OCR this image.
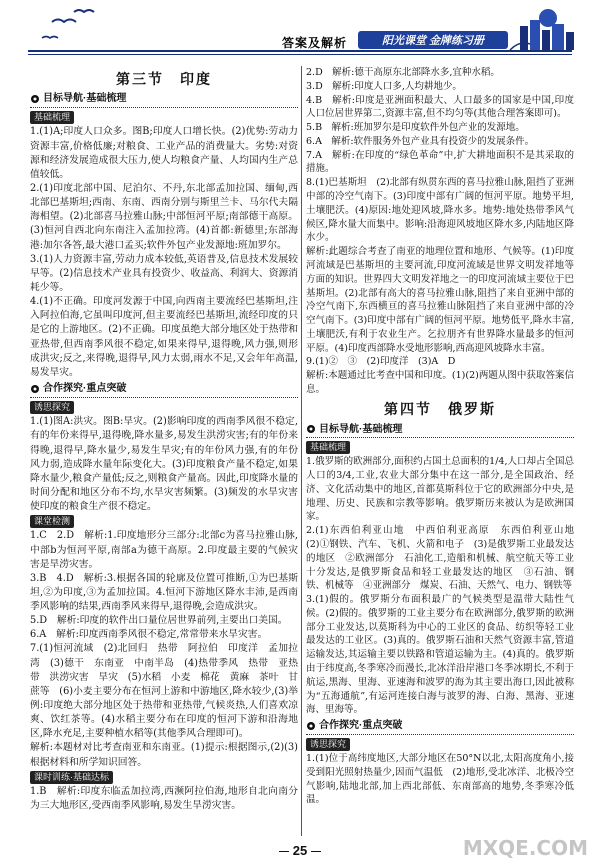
答案及解析	阳光课堂 金牌练习册
第三节　印度
目标导航·基础梳理
基础梳理

1.(1)A;印度人口众多。图B;印度人口增长快。(2)优势:劳动力资源丰富,价格低廉;对粮食、工业产品的消费量大。劣势:对资源和经济发展造成很大压力,使人均粮食产量、人均国内生产总值较低。

2.(1)印度北部中国、尼泊尔、不丹,东北部孟加拉国、缅甸,西北部巴基斯坦;西南、东南、西南分别与斯里兰卡、马尔代夫隔海相望。(2)北部喜马拉雅山脉;中部恒河平原;南部德干高原。(3)恒河自西北向东南注入孟加拉湾。(4)首都:新德里;东部海港:加尔各答,最大港口孟买;软件外包产业发源地:班加罗尔。

3.(1)人力资源丰富,劳动力成本较低,英语普及,信息技术发展较早等。(2)信息技术产业具有投资少、收益高、利润大、资源消耗少等。

4.(1)不正确。印度河发源于中国,向西南主要流经巴基斯坦,注入阿拉伯海,它虽叫印度河,但主要流经巴基斯坦,流经印度的只是它的上游地区。(2)不正确。印度虽绝大部分地区处于热带和亚热带,但西南季风很不稳定,如果来得早,退得晚,风力强,则形成洪灾;反之,来得晚,退得早,风力太弱,雨水不足,又会年年高温,易发旱灾。

合作探究·重点突破
诱思探究

1.(1)图A:洪灾。图B:旱灾。(2)影响印度的西南季风很不稳定,有的年份来得早,退得晚,降水量多,易发生洪涝灾害;有的年份来得晚,退得早,降水量少,易发生旱灾;有的年份风力强,有的年份风力弱,造成降水量年际变化大。(3)印度粮食产量不稳定,如果降水量少,粮食产量低;反之,则粮食产量高。因此,印度降水量的时间分配和地区分布不均,水旱灾害频繁。(3)频发的水旱灾害使印度的粮食生产很不稳定。

课堂检测

1.C　2.D　解析:1.印度地形分三部分:北部c为喜马拉雅山脉,中部b为恒河平原,南部a为德干高原。2.印度最主要的气候灾害是旱涝灾害。

3.B　4.D　解析:3.根据各国的轮廓及位置可推断,①为巴基斯坦,②为印度,③为孟加拉国。4.恒河下游地区降水丰沛,是西南季风影响的结果,西南季风来得早,退得晚,会造成洪灾。

5.D　解析:印度的软件出口量位居世界前列,主要出口美国。

6.A　解析:印度西南季风很不稳定,常常带来水旱灾害。

7.(1)恒河流域　(2)北回归　热带　阿拉伯　印度洋　孟加拉湾　(3)德干　东南亚　中南半岛　(4)热带季风　热带　亚热带　洪涝灾害　旱灾　(5)水稻　小麦　棉花　黄麻　茶叶　甘蔗等　(6)小麦主要分布在恒河上游和中游地区,降水较少,(3)举例:印度绝大部分地区处于热带和亚热带,气候炎热,人们喜欢凉爽、饮红茶等。(4)水稻主要分布在印度的恒河下游和沿海地区,降水充足,主要种植水稻等(其他季风合理即可)。

解析:本题材对比考查南亚和东南亚。(1)提示:根据图示,(2)(3)根据材料和所学知识回答。

课时训练·基础达标

1.B　解析:印度东临孟加拉湾,西濒阿拉伯海,地形自北向南分为三大地形区,受西南季风影响,易发生旱涝灾害。

2.D　解析:德干高原东北部降水多,宜种水稻。

3.D　解析:印度人口多,人均耕地少。

4.B　解析:印度是亚洲面积最大、人口最多的国家是中国,印度人口位居世界第二,资源丰富,但不均匀等(其他合理答案即可)。

5.B　解析:班加罗尔是印度软件外包产业的发源地。

6.A　解析:软件服务外包产业具有投资少的发展条件。

7.A　解析:在印度的“绿色革命”中,扩大耕地面积不是其采取的措施。

8.(1)巴基斯坦　(2)北部有纵贯东西的喜马拉雅山脉,阻挡了亚洲中部的冷空气南下。(3)印度中部有广阔的恒河平原。地势平坦,土壤肥沃。(4)原因:地处迎风坡,降水多。地势:地处热带季风气候区,降水量大而集中。影响:沿海迎风坡地区降水多,内陆地区降水少。

解析:此题综合考查了南亚的地理位置和地形、气候等。(1)印度河流域是巴基斯坦的主要河流,印度河流域是世界文明发祥地等方面的知识。世界四大文明发祥地之一的印度河流域主要位于巴基斯坦。(2)北部有高大的喜马拉雅山脉,阻挡了来自亚洲中部的冷空气南下,东西横亘的喜马拉雅山脉阻挡了来自亚洲中部的冷空气南下。(3)印度中部有广阔的恒河平原。地势低平,降水丰富,土壤肥沃,有利于农业生产。乞拉朋齐有世界降水量最多的恒河平原。(4)印度西部降水受地形影响,西高迎风坡降水丰富。

9.(1)②　③　(2)印度洋　(3)A　D

解析:本题通过比考查中国和印度。(1)(2)两题从图中获取答案信息。

第四节　俄罗斯
目标导航·基础梳理
基础梳理

1.俄罗斯的欧洲部分,面积约占国土总面积的1/4,人口却占全国总人口的3/4,工业,农业大部分集中在这一部分,是全国政治、经济、文化活动集中的地区,首都莫斯科位于它的欧洲部分中央,是地理、历史、民族和宗教等影响。俄罗斯历来被认为是欧洲国家。

2.(1)东西伯利亚山地　中西伯利亚高原　东西伯利亚山地　(2)①钢铁、汽车、飞机、火箭和电子　(3)是俄罗斯工业最发达的地区　②欧洲部分　石油化工,造船和机械、航空航天等工业十分发达,是俄罗斯食品和轻工业最发达的地区　③石油、钢铁、机械等　④亚洲部分　煤炭、石油、天然气、电力、钢铁等

3.(1)假的。俄罗斯分布面积最广的气候类型是温带大陆性气候。(2)假的。俄罗斯的工业主要分布在欧洲部分,俄罗斯的欧洲部分工业发达,以莫斯科为中心的工业区的食品、纺织等轻工业最发达的工业区。(3)真的。俄罗斯石油和天然气资源丰富,管道运输发达,其运输主要以铁路和管道运输为主。(4)真的。俄罗斯由于纬度高,冬季寒冷而漫长,北冰洋沿岸港口冬季冰期长,不利于航运,黑海、里海、亚速海和波罗的海为其主要出海口,因此被称为“五海通航”,有运河连接白海与波罗的海、白海、黑海、亚速海、里海等。

合作探究·重点突破
诱思探究

1.(1)位于高纬度地区,大部分地区在50°N以北,太阳高度角小,接受到阳光照射热量少,因而气温低　(2)地形,受北冰洋、北极冷空气影响,陆地北部,加上西北部低、东南部高的地势,冬季寒冷低温。

25	MXQE.COM
